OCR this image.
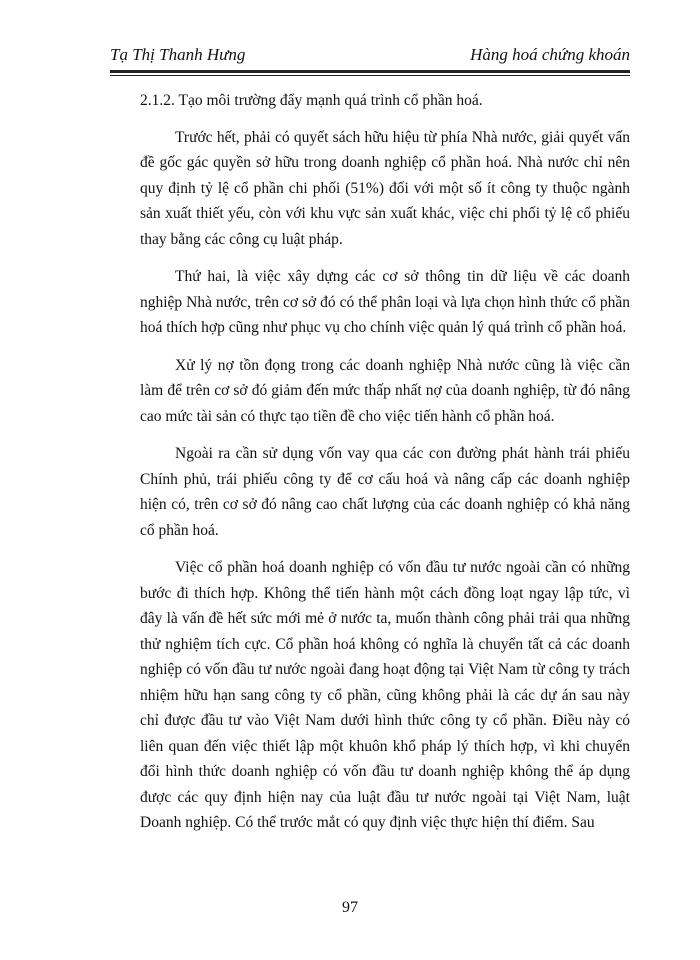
Tạ Thị Thanh Hưng	Hàng hoá chứng khoán

2.1.2. Tạo môi trường đẩy mạnh quá trình cổ phần hoá.

Trước hết, phải có quyết sách hữu hiệu từ phía Nhà nước, giải quyết vấn đề gốc gác quyền sở hữu trong doanh nghiệp cổ phần hoá. Nhà nước chỉ nên quy định tỷ lệ cổ phần chi phối (51%) đối với một số ít công ty thuộc ngành sản xuất thiết yếu, còn với khu vực sản xuất khác, việc chi phối tỷ lệ cổ phiếu thay bằng các công cụ luật pháp.

Thứ hai, là việc xây dựng các cơ sở thông tin dữ liệu về các doanh nghiệp Nhà nước, trên cơ sở đó có thể phân loại và lựa chọn hình thức cổ phần hoá thích hợp cũng như phục vụ cho chính việc quản lý quá trình cổ phần hoá.

Xử lý nợ tồn đọng trong các doanh nghiệp Nhà nước cũng là việc cần làm để trên cơ sở đó giảm đến mức thấp nhất nợ của doanh nghiệp, từ đó nâng cao mức tài sản có thực tạo tiền đề cho việc tiến hành cổ phần hoá.

Ngoài ra cần sử dụng vốn vay qua các con đường phát hành trái phiếu Chính phủ, trái phiếu công ty để cơ cấu hoá và nâng cấp các doanh nghiệp hiện có, trên cơ sở đó nâng cao chất lượng của các doanh nghiệp có khả năng cổ phần hoá.

Việc cổ phần hoá doanh nghiệp có vốn đầu tư nước ngoài cần có những bước đi thích hợp. Không thể tiến hành một cách đồng loạt ngay lập tức, vì đây là vấn đề hết sức mới mẻ ở nước ta, muốn thành công phải trải qua những thử nghiệm tích cực. Cổ phần hoá không có nghĩa là chuyển tất cả các doanh nghiệp có vốn đầu tư nước ngoài đang hoạt động tại Việt Nam từ công ty trách nhiệm hữu hạn sang công ty cổ phần, cũng không phải là các dự án sau này chỉ được đầu tư vào Việt Nam dưới hình thức công ty cổ phần. Điều này có liên quan đến việc thiết lập một khuôn khổ pháp lý thích hợp, vì khi chuyển đổi hình thức doanh nghiệp có vốn đầu tư doanh nghiệp không thể áp dụng được các quy định hiện nay của luật đầu tư nước ngoài tại Việt Nam, luật Doanh nghiệp. Có thể trước mắt có quy định việc thực hiện thí điểm. Sau

97
